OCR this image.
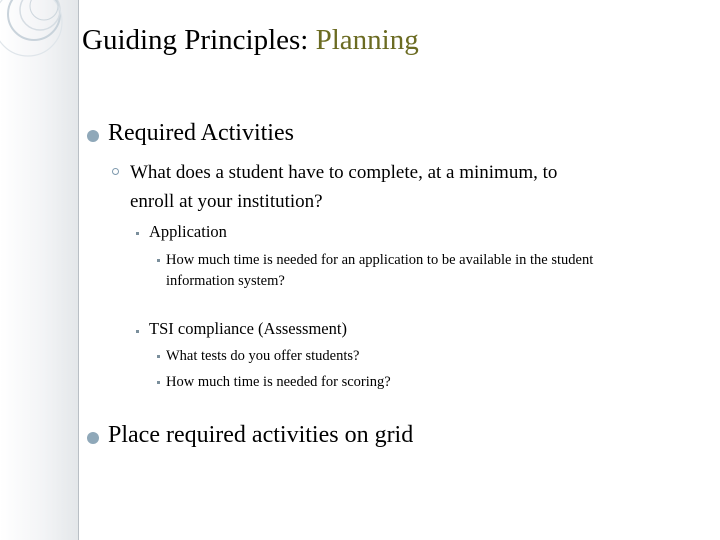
Guiding Principles: Planning
Required Activities
What does a student have to complete, at a minimum, to
enroll at your institution?
Application
How much time is needed for an application to be available in the student
information system?
TSI compliance (Assessment)
What tests do you offer students?
How much time is needed for scoring?
Place required activities on grid
